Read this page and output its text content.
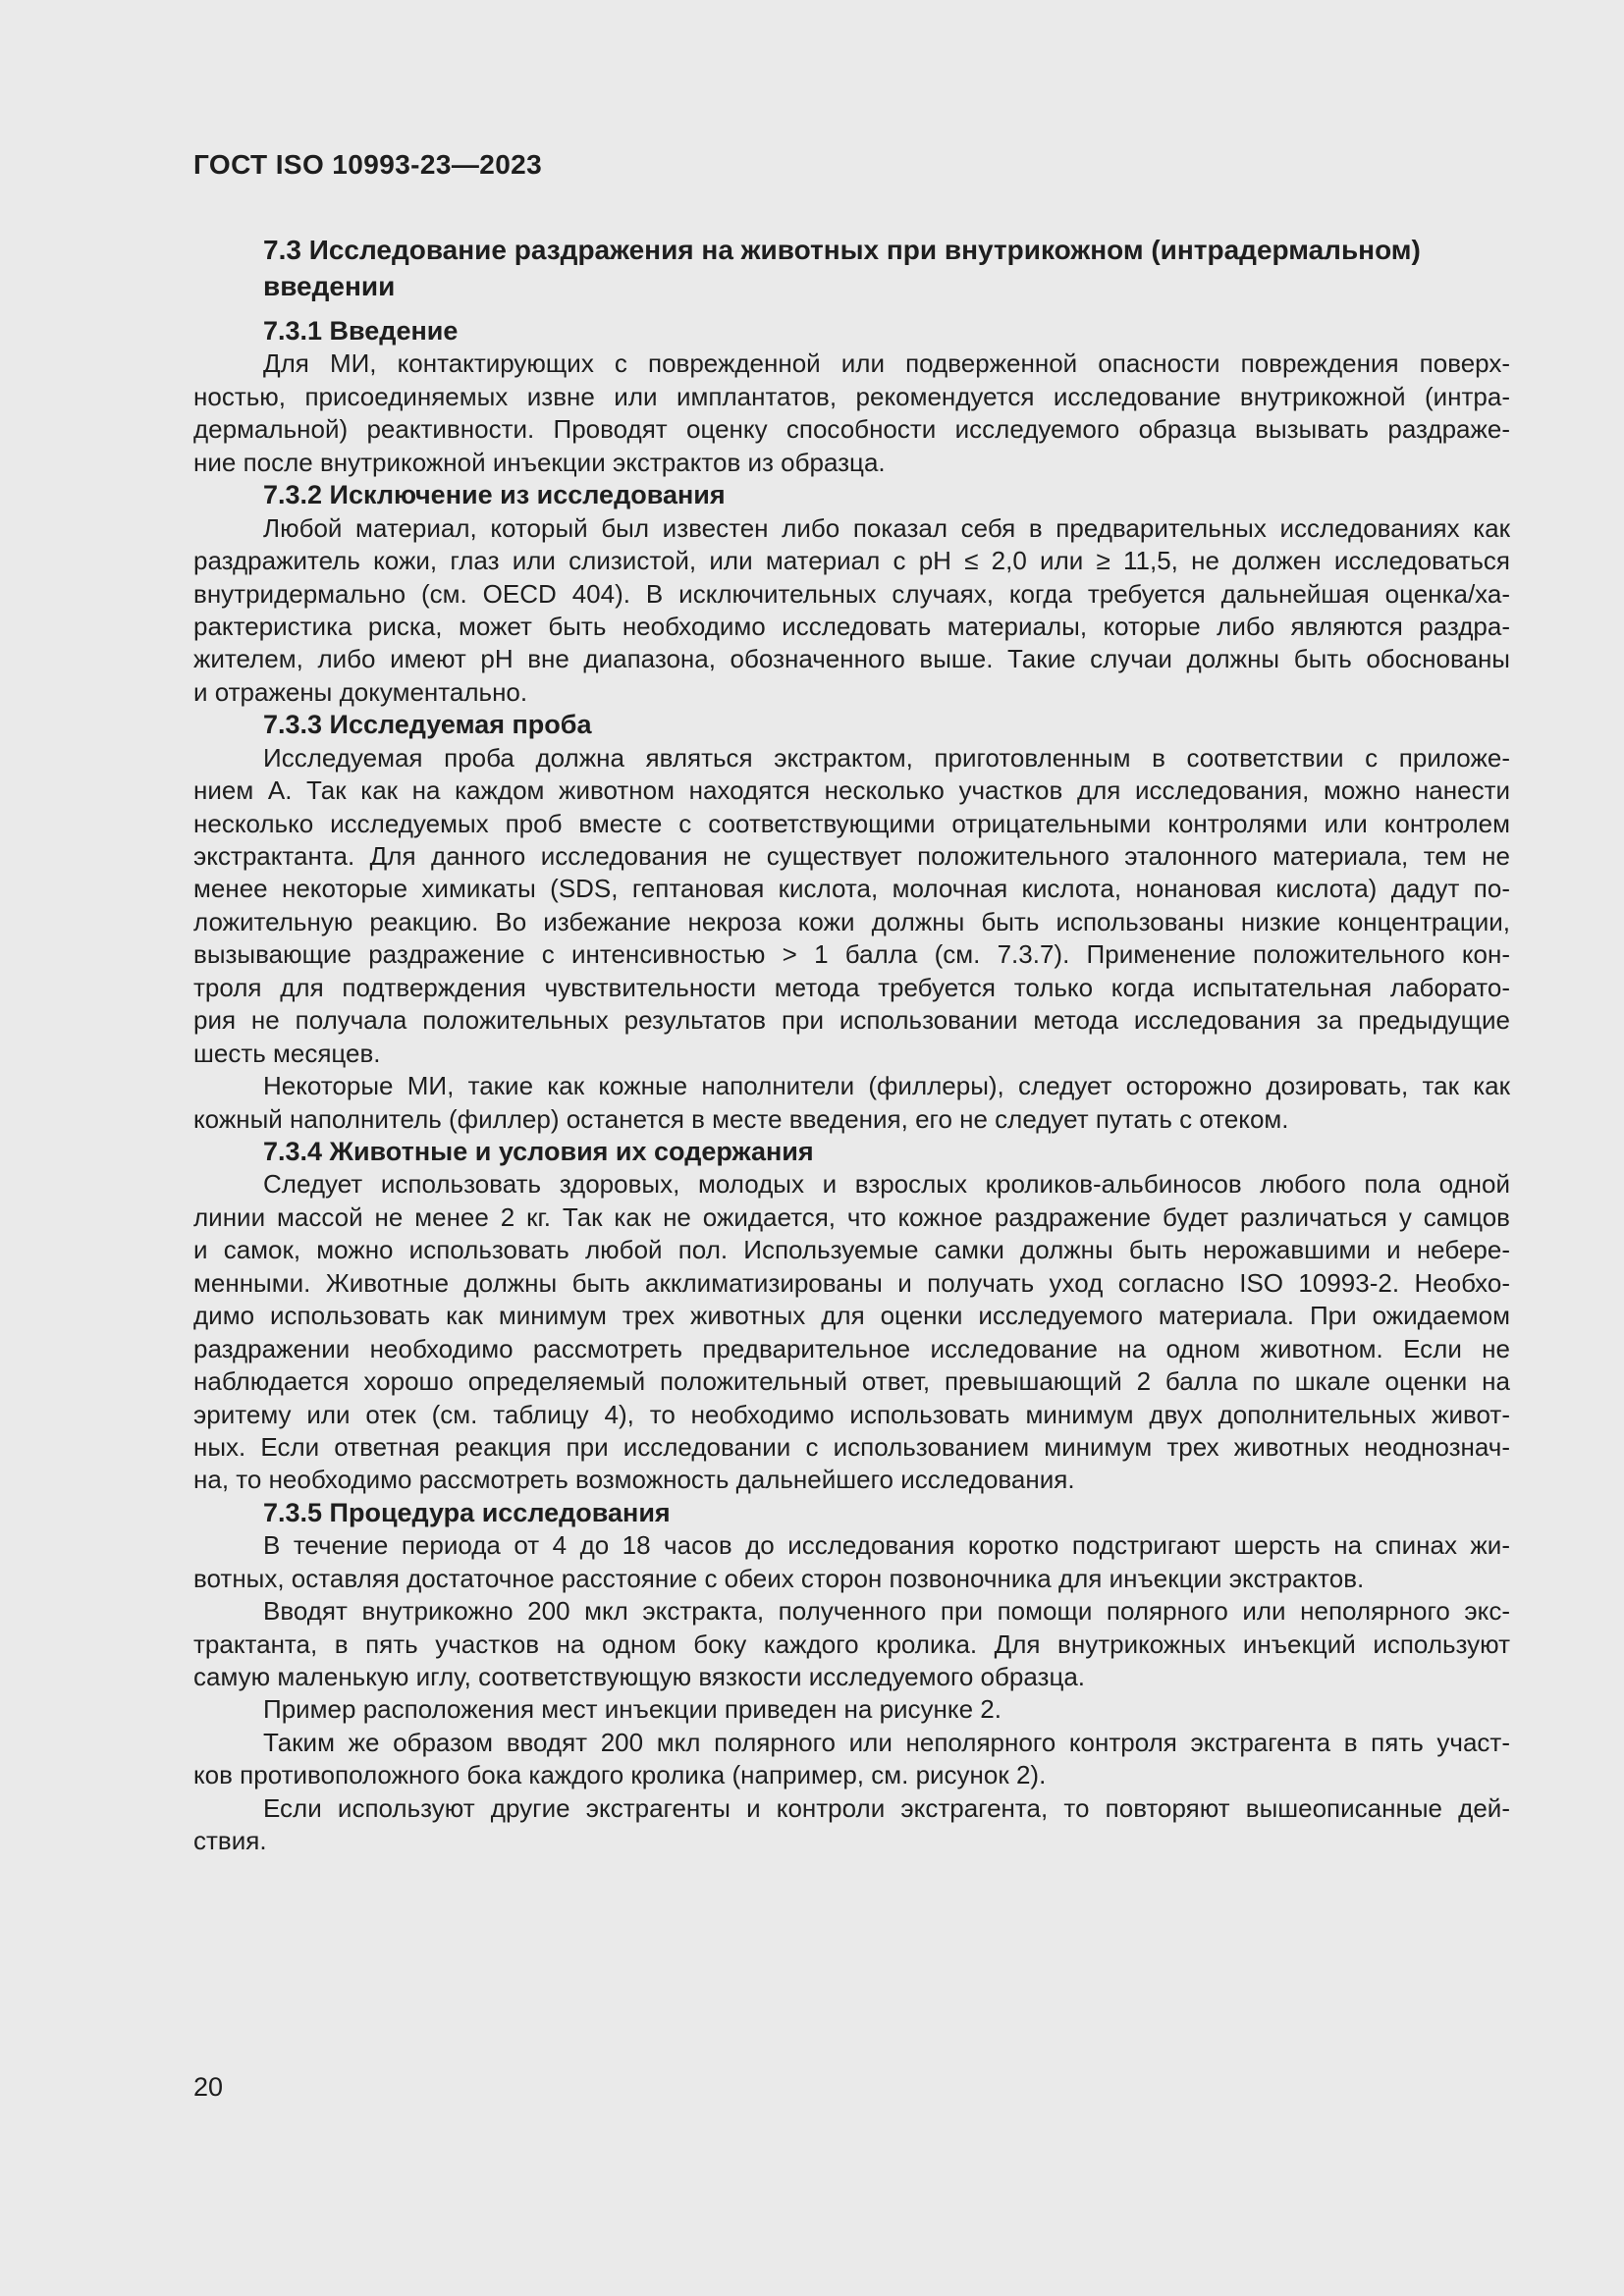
ГОСТ ISO 10993-23—2023
7.3 Исследование раздражения на животных при внутрикожном (интрадермальном)
введении
7.3.1 Введение
Для МИ, контактирующих с поврежденной или подверженной опасности повреждения поверх-
ностью, присоединяемых извне или имплантатов, рекомендуется исследование внутрикожной (интра-
дермальной) реактивности. Проводят оценку способности исследуемого образца вызывать раздраже-
ние после внутрикожной инъекции экстрактов из образца.
7.3.2 Исключение из исследования
Любой материал, который был известен либо показал себя в предварительных исследованиях как
раздражитель кожи, глаз или слизистой, или материал с pH ≤ 2,0 или ≥ 11,5, не должен исследоваться
внутридермально (см. OECD 404). В исключительных случаях, когда требуется дальнейшая оценка/ха-
рактеристика риска, может быть необходимо исследовать материалы, которые либо являются раздра-
жителем, либо имеют pH вне диапазона, обозначенного выше. Такие случаи должны быть обоснованы
и отражены документально.
7.3.3 Исследуемая проба
Исследуемая проба должна являться экстрактом, приготовленным в соответствии с приложе-
нием А. Так как на каждом животном находятся несколько участков для исследования, можно нанести
несколько исследуемых проб вместе с соответствующими отрицательными контролями или контролем
экстрактанта. Для данного исследования не существует положительного эталонного материала, тем не
менее некоторые химикаты (SDS, гептановая кислота, молочная кислота, нонановая кислота) дадут по-
ложительную реакцию. Во избежание некроза кожи должны быть использованы низкие концентрации,
вызывающие раздражение с интенсивностью > 1 балла (см. 7.3.7). Применение положительного кон-
троля для подтверждения чувствительности метода требуется только когда испытательная лаборато-
рия не получала положительных результатов при использовании метода исследования за предыдущие
шесть месяцев.
Некоторые МИ, такие как кожные наполнители (филлеры), следует осторожно дозировать, так как
кожный наполнитель (филлер) останется в месте введения, его не следует путать с отеком.
7.3.4 Животные и условия их содержания
Следует использовать здоровых, молодых и взрослых кроликов-альбиносов любого пола одной
линии массой не менее 2 кг. Так как не ожидается, что кожное раздражение будет различаться у самцов
и самок, можно использовать любой пол. Используемые самки должны быть нерожавшими и небере-
менными. Животные должны быть акклиматизированы и получать уход согласно ISO 10993-2. Необхо-
димо использовать как минимум трех животных для оценки исследуемого материала. При ожидаемом
раздражении необходимо рассмотреть предварительное исследование на одном животном. Если не
наблюдается хорошо определяемый положительный ответ, превышающий 2 балла по шкале оценки на
эритему или отек (см. таблицу 4), то необходимо использовать минимум двух дополнительных живот-
ных. Если ответная реакция при исследовании с использованием минимум трех животных неоднознач-
на, то необходимо рассмотреть возможность дальнейшего исследования.
7.3.5 Процедура исследования
В течение периода от 4 до 18 часов до исследования коротко подстригают шерсть на спинах жи-
вотных, оставляя достаточное расстояние с обеих сторон позвоночника для инъекции экстрактов.
Вводят внутрикожно 200 мкл экстракта, полученного при помощи полярного или неполярного экс-
трактанта, в пять участков на одном боку каждого кролика. Для внутрикожных инъекций используют
самую маленькую иглу, соответствующую вязкости исследуемого образца.
Пример расположения мест инъекции приведен на рисунке 2.
Таким же образом вводят 200 мкл полярного или неполярного контроля экстрагента в пять участ-
ков противоположного бока каждого кролика (например, см. рисунок 2).
Если используют другие экстрагенты и контроли экстрагента, то повторяют вышеописанные дей-
ствия.
20
